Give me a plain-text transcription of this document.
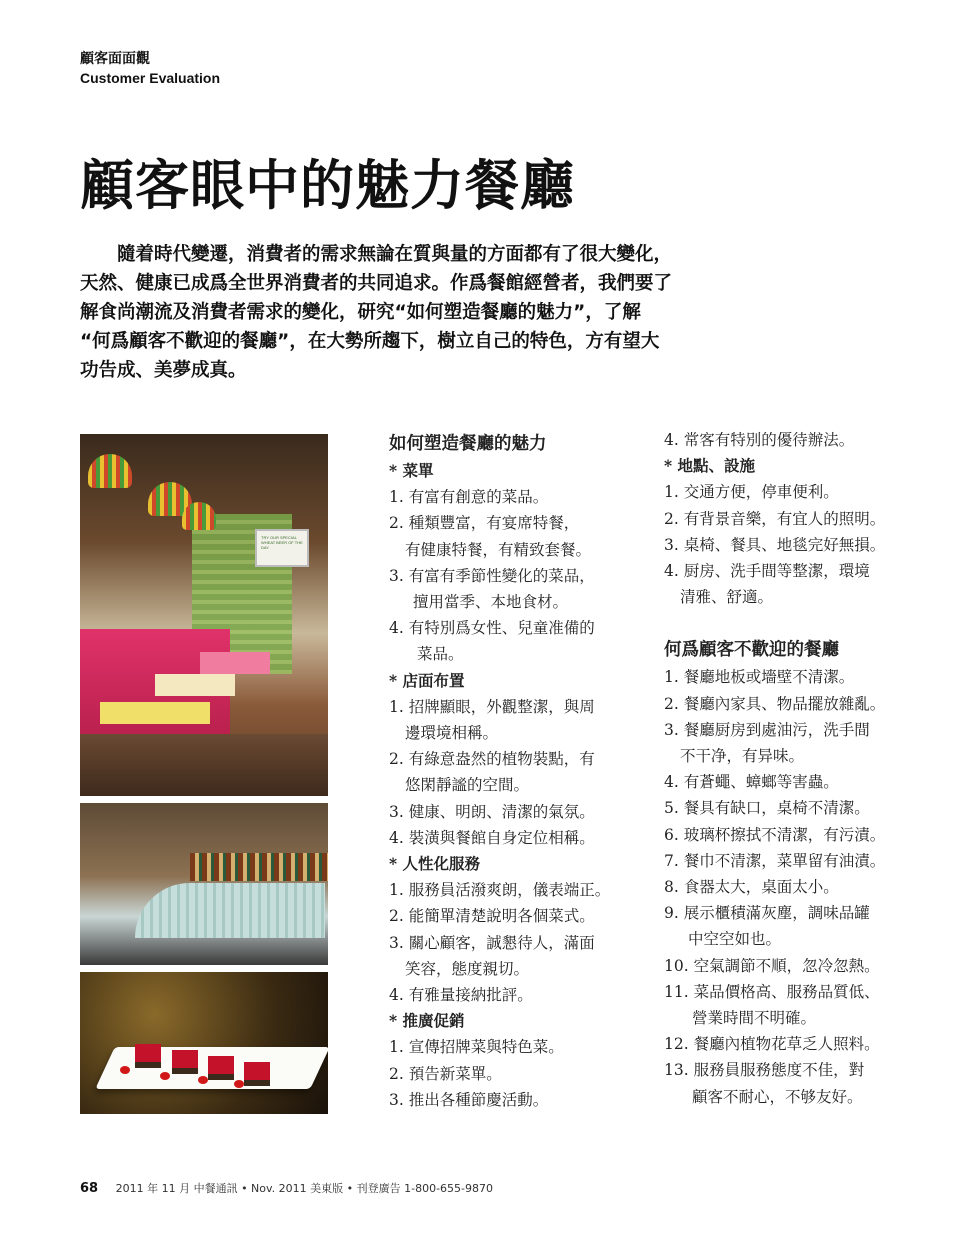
顧客面面觀
Customer Evaluation
顧客眼中的魅力餐廳
隨着時代變遷，消費者的需求無論在質與量的方面都有了很大變化，
天然、健康已成爲全世界消費者的共同追求。作爲餐館經營者，我們要了
解食尚潮流及消費者需求的變化，研究“如何塑造餐廳的魅力”，了解
“何爲顧客不歡迎的餐廳”，在大勢所趨下，樹立自己的特色，方有望大
功告成、美夢成真。
TRY OUR SPECIAL WHEAT BEER OF THE DAY
如何塑造餐廳的魅力
* 菜單
1. 有富有創意的菜品。
2. 種類豐富，有宴席特餐，
有健康特餐，有精致套餐。
3. 有富有季節性變化的菜品，
擅用當季、本地食材。
4. 有特別爲女性、兒童准備的
菜品。
* 店面布置
1. 招牌顯眼，外觀整潔，與周
邊環境相稱。
2. 有綠意盎然的植物裝點，有
悠閑靜謐的空間。
3. 健康、明朗、清潔的氣氛。
4. 裝潢與餐館自身定位相稱。
* 人性化服務
1. 服務員活潑爽朗，儀表端正。
2. 能簡單清楚說明各個菜式。
3. 關心顧客，誠懇待人，滿面
笑容，態度親切。
4. 有雅量接納批評。
* 推廣促銷
1. 宣傳招牌菜與特色菜。
2. 預告新菜單。
3. 推出各種節慶活動。
4. 常客有特別的優待辦法。
* 地點、設施
1. 交通方便，停車便利。
2. 有背景音樂，有宜人的照明。
3. 桌椅、餐具、地毯完好無損。
4. 厨房、洗手間等整潔，環境
清雅、舒適。
何爲顧客不歡迎的餐廳
1. 餐廳地板或墻壁不清潔。
2. 餐廳內家具、物品擺放雜亂。
3. 餐廳厨房到處油污，洗手間
不干净，有异味。
4. 有蒼蠅、蟑螂等害蟲。
5. 餐具有缺口，桌椅不清潔。
6. 玻璃杯擦拭不清潔，有污漬。
7. 餐巾不清潔，菜單留有油漬。
8. 食器太大，桌面太小。
9. 展示櫃積滿灰塵，調味品罐
中空空如也。
10. 空氣調節不順，忽冷忽熱。
11. 菜品價格高、服務品質低、
營業時間不明確。
12. 餐廳內植物花草乏人照料。
13. 服務員服務態度不佳，對
顧客不耐心，不够友好。
68 2011 年 11 月 中餐通訊 • Nov. 2011 美東版 • 刊登廣告 1-800-655-9870
